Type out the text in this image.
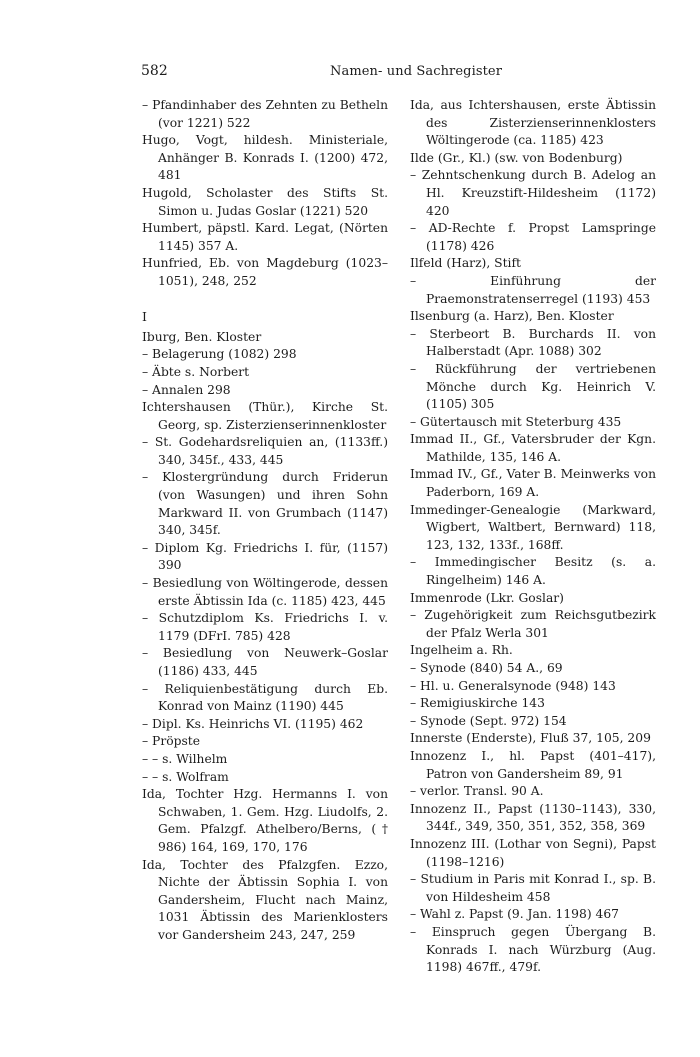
582	Namen- und Sachregister
– Pfandinhaber des Zehnten zu Betheln (vor 1221) 522
Hugo, Vogt, hildesh. Ministeriale, Anhänger B. Konrads I. (1200) 472, 481
Hugold, Scholaster des Stifts St. Simon u. Judas Goslar (1221) 520
Humbert, päpstl. Kard. Legat, (Nörten 1145) 357 A.
Hunfried, Eb. von Magdeburg (1023–1051), 248, 252
I
Iburg, Ben. Kloster
– Belagerung (1082) 298
– Äbte s. Norbert
– Annalen 298
Ichtershausen (Thür.), Kirche St. Georg, sp. Zisterzienserinnenkloster
– St. Godehardsreliquien an, (1133ff.) 340, 345f., 433, 445
– Klostergründung durch Friderun (von Wasungen) und ihren Sohn Markward II. von Grumbach (1147) 340, 345f.
– Diplom Kg. Friedrichs I. für, (1157) 390
– Besiedlung von Wöltingerode, dessen erste Äbtissin Ida (c. 1185) 423, 445
– Schutzdiplom Ks. Friedrichs I. v. 1179 (DFrI. 785) 428
– Besiedlung von Neuwerk–Goslar (1186) 433, 445
– Reliquienbestätigung durch Eb. Konrad von Mainz (1190) 445
– Dipl. Ks. Heinrichs VI. (1195) 462
– Pröpste
– – s. Wilhelm
– – s. Wolfram
Ida, Tochter Hzg. Hermanns I. von Schwaben, 1. Gem. Hzg. Liudolfs, 2. Gem. Pfalzgf. Athelbero/Berns, († 986) 164, 169, 170, 176
Ida, Tochter des Pfalzgfen. Ezzo, Nichte der Äbtissin Sophia I. von Gandersheim, Flucht nach Mainz, 1031 Äbtissin des Marienklosters vor Gandersheim 243, 247, 259
Ida, aus Ichtershausen, erste Äbtissin des Zisterzienserinnenklosters Wöltingerode (ca. 1185) 423
Ilde (Gr., Kl.) (sw. von Bodenburg)
– Zehntschenkung durch B. Adelog an Hl. Kreuzstift-Hildesheim (1172) 420
– AD-Rechte f. Propst Lamspringe (1178) 426
Ilfeld (Harz), Stift
– Einführung der Praemonstratenserregel (1193) 453
Ilsenburg (a. Harz), Ben. Kloster
– Sterbeort B. Burchards II. von Halberstadt (Apr. 1088) 302
– Rückführung der vertriebenen Mönche durch Kg. Heinrich V. (1105) 305
– Gütertausch mit Steterburg 435
Immad II., Gf., Vatersbruder der Kgn. Mathilde, 135, 146 A.
Immad IV., Gf., Vater B. Meinwerks von Paderborn, 169 A.
Immedinger-Genealogie (Markward, Wigbert, Waltbert, Bernward) 118, 123, 132, 133f., 168ff.
– Immedingischer Besitz (s. a. Ringelheim) 146 A.
Immenrode (Lkr. Goslar)
– Zugehörigkeit zum Reichsgutbezirk der Pfalz Werla 301
Ingelheim a. Rh.
– Synode (840) 54 A., 69
– Hl. u. Generalsynode (948) 143
– Remigiuskirche 143
– Synode (Sept. 972) 154
Innerste (Enderste), Fluß 37, 105, 209
Innozenz I., hl. Papst (401–417), Patron von Gandersheim 89, 91
– verlor. Transl. 90 A.
Innozenz II., Papst (1130–1143), 330, 344f., 349, 350, 351, 352, 358, 369
Innozenz III. (Lothar von Segni), Papst (1198–1216)
– Studium in Paris mit Konrad I., sp. B. von Hildesheim 458
– Wahl z. Papst (9. Jan. 1198) 467
– Einspruch gegen Übergang B. Konrads I. nach Würzburg (Aug. 1198) 467ff., 479f.
